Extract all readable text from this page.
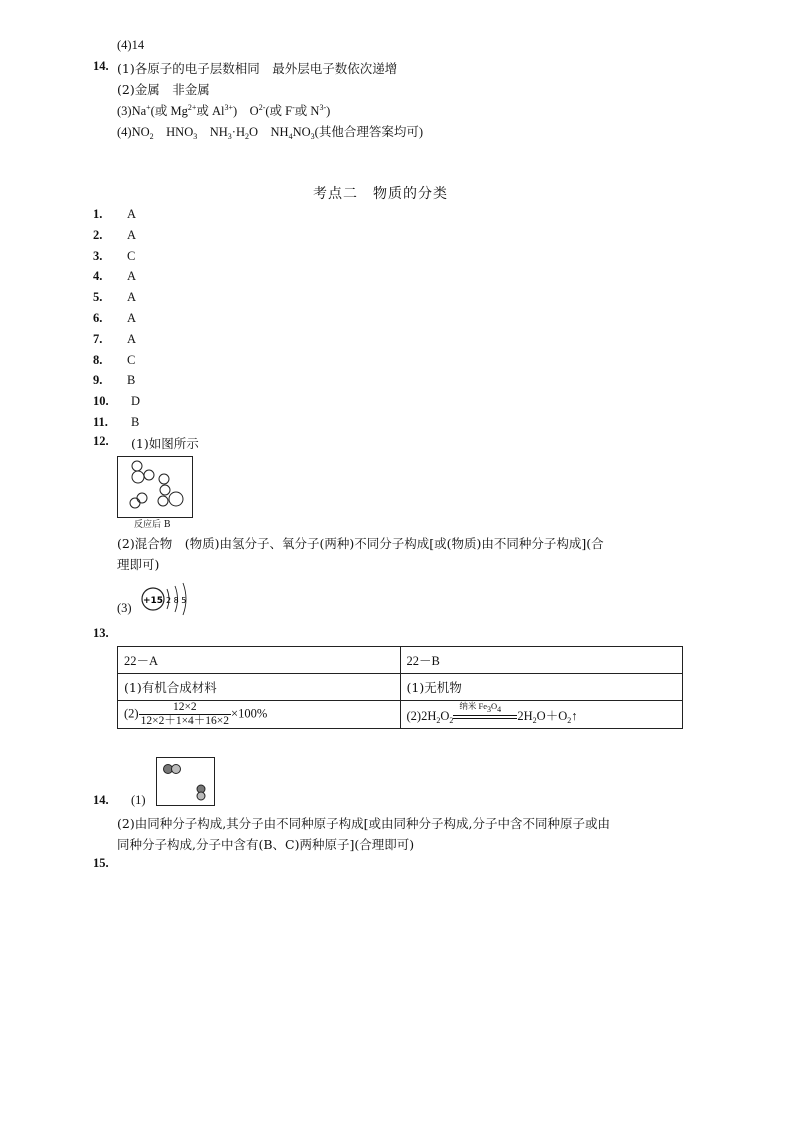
(4)14
14. (1)各原子的电子层数相同　最外层电子数依次递增
(2)金属　非金属
(3)Na+(或 $Mg^{2+}$或 $Al^{3+}$)　$O^{2-}$(或 F-或 $N^{3-}$)
$(4)NO_2$　$HNO_3$　$NH_3\cdot H_2O$　$NH_4NO_3$(其他合理答案均可)
考点二　物质的分类
1. A
2. A
3. C
4. A
5. A
6. A
7. A
8. C
9. B
10. D
11. B
12. (1)如图所示
反应后 B
(2)混合物　(物质)由氢分子、氧分子(两种)不同分子构成[或(物质)由不同种分子构成](合
理即可)
(3) +15 2 8 5
13.
22－A	22－B
(1)有机合成材料	(1)无机物
$(2) \frac{12\times 2}{12\times 2+1\times 4+16\times 2} \times 100\%$	$(2)2H_2O_2$
纳米 $Fe_3O_4$ $2H_2O+O_2↑$
14. (1)
(2)由同种分子构成,其分子由不同种原子构成[或由同种分子构成,分子中含不同种原子或由
同种分子构成,分子中含有(B、C)两种原子](合理即可)
15.
